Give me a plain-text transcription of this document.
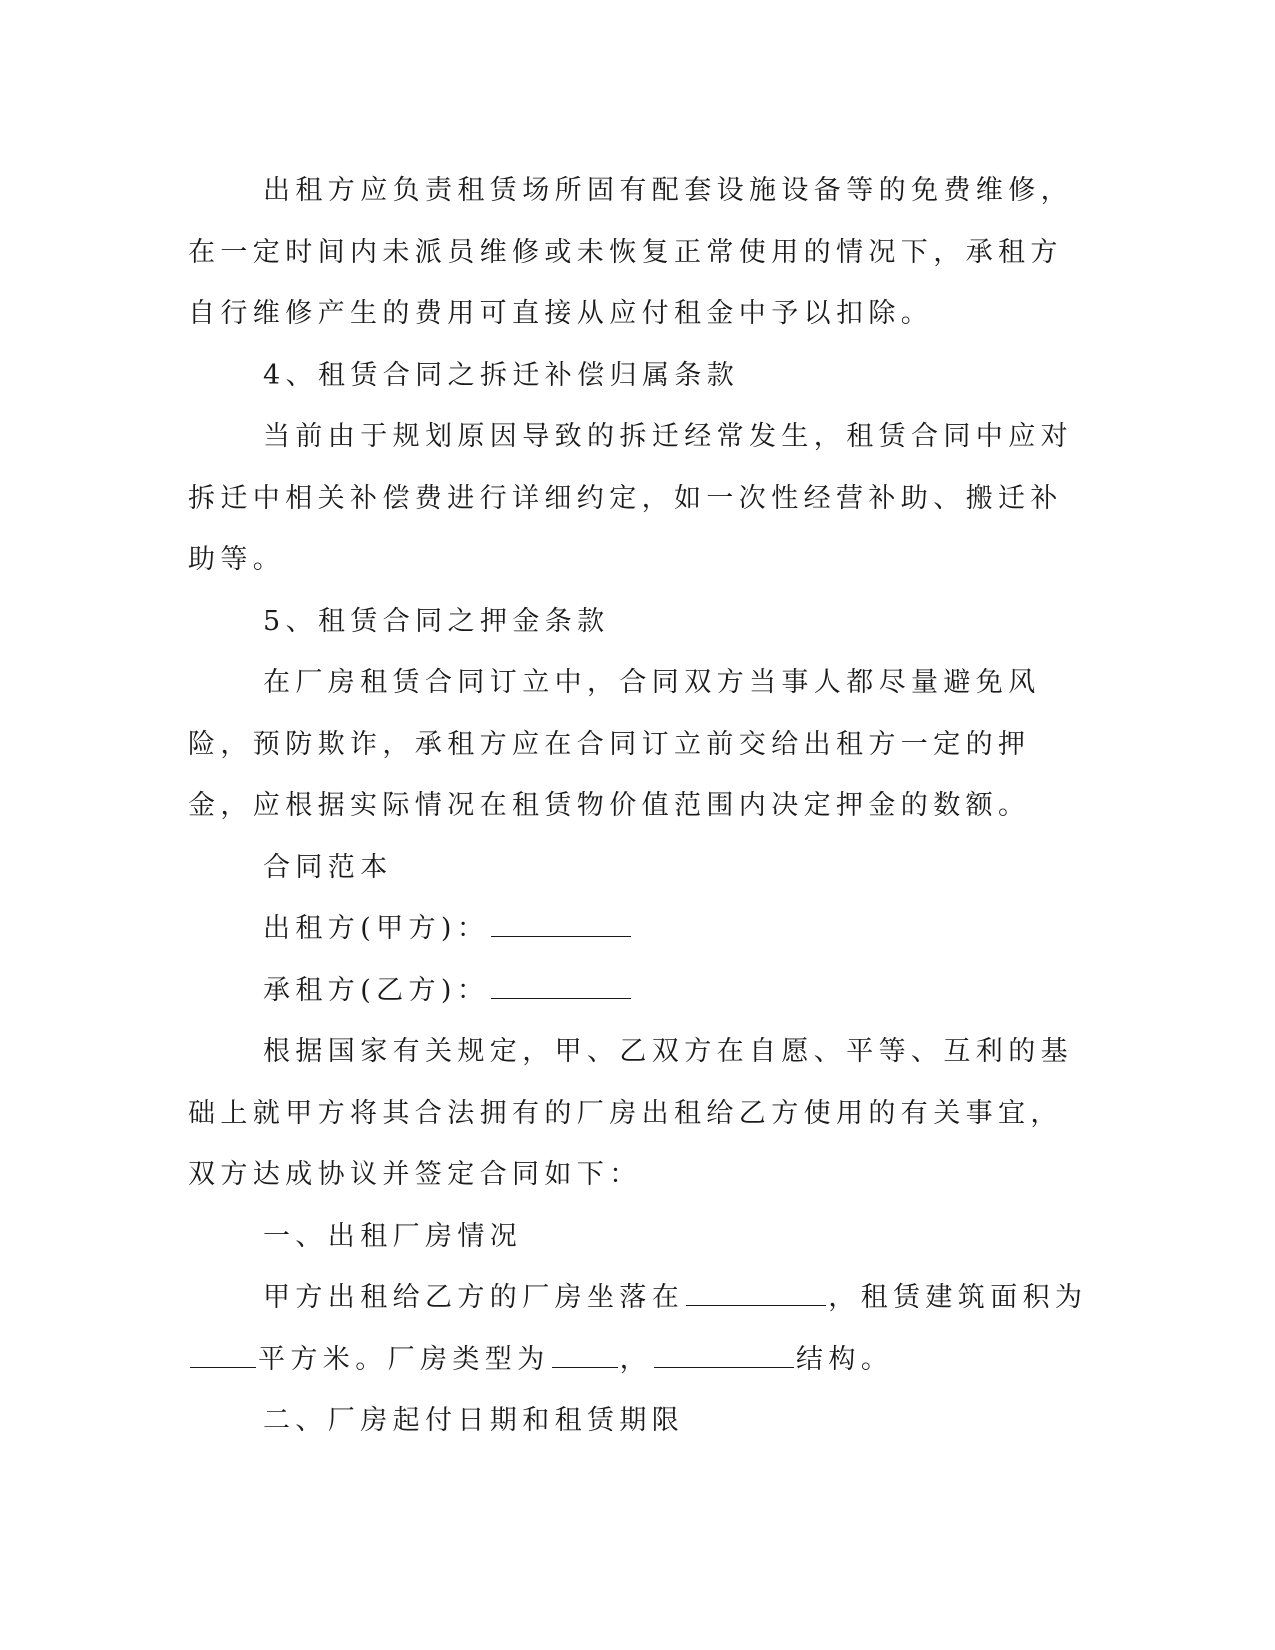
出租方应负责租赁场所固有配套设施设备等的免费维修，在一定时间内未派员维修或未恢复正常使用的情况下，承租方自行维修产生的费用可直接从应付租金中予以扣除。

4、租赁合同之拆迁补偿归属条款

当前由于规划原因导致的拆迁经常发生，租赁合同中应对拆迁中相关补偿费进行详细约定，如一次性经营补助、搬迁补助等。

5、租赁合同之押金条款

在厂房租赁合同订立中，合同双方当事人都尽量避免风险，预防欺诈，承租方应在合同订立前交给出租方一定的押金，应根据实际情况在租赁物价值范围内决定押金的数额。

合同范本

出租方(甲方)：

承租方(乙方)：

根据国家有关规定，甲、乙双方在自愿、平等、互利的基础上就甲方将其合法拥有的厂房出租给乙方使用的有关事宜，双方达成协议并签定合同如下：

一、出租厂房情况

甲方出租给乙方的厂房坐落在	，租赁建筑面积为平方米。厂房类型为	，	结构。

二、厂房起付日期和租赁期限
